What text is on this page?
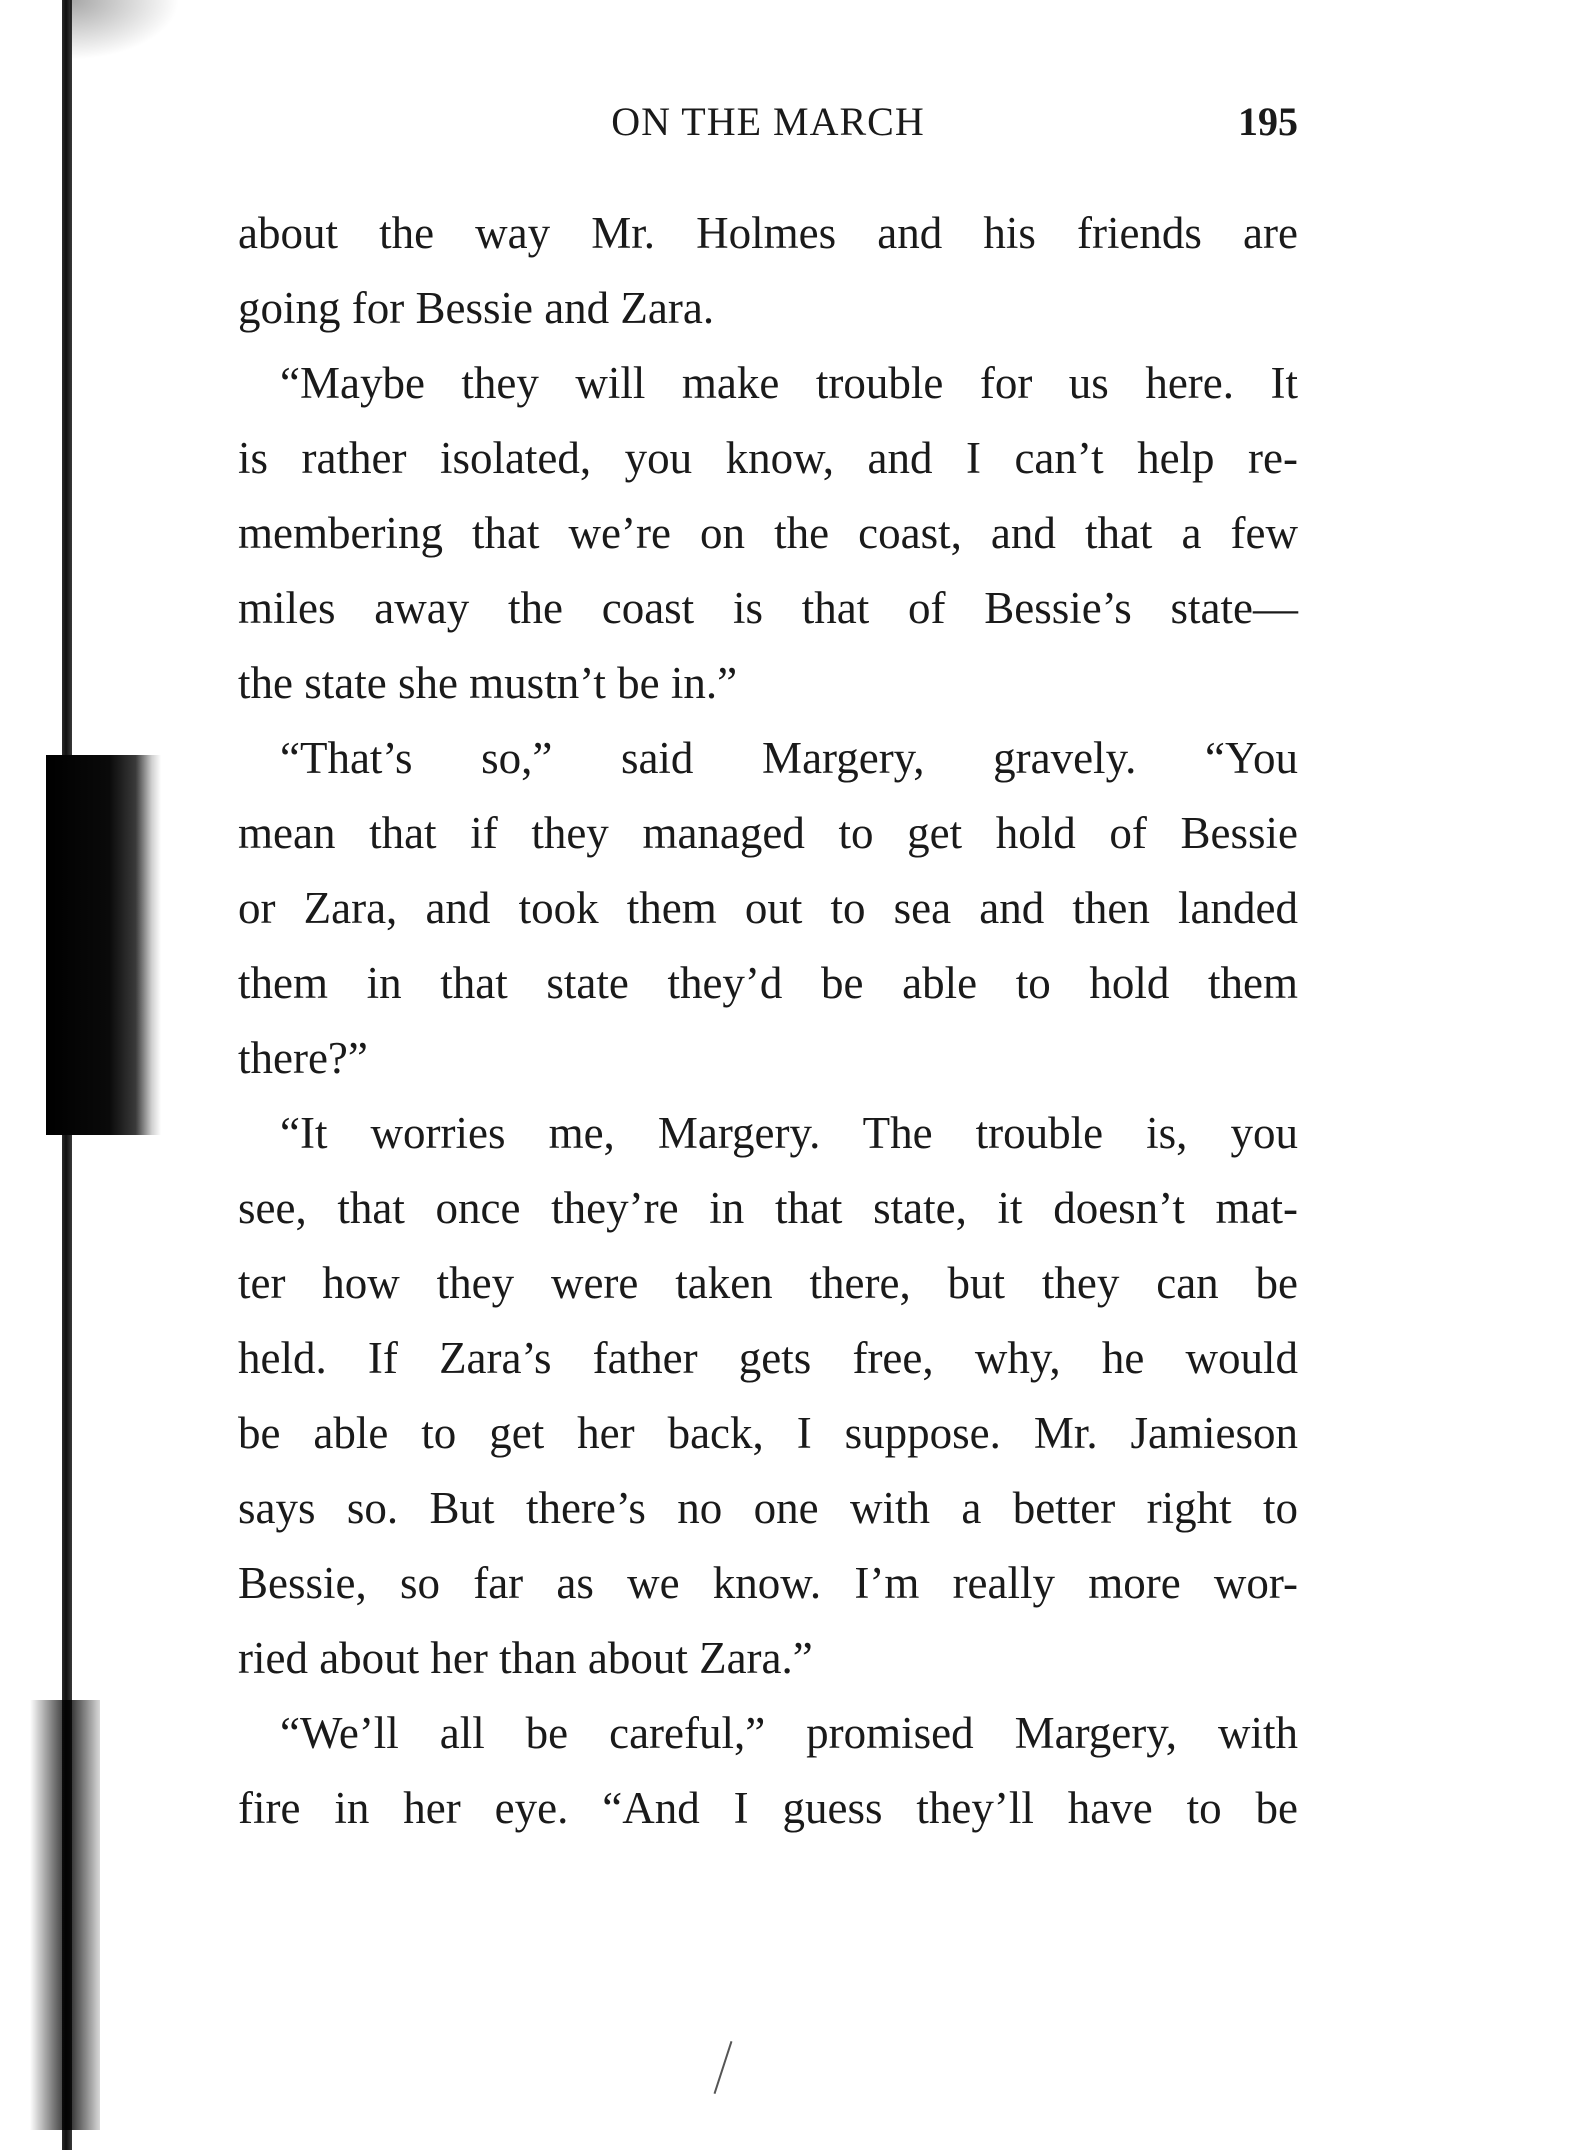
ON THE MARCH	195
about the way Mr. Holmes and his friends are
going for Bessie and Zara.
“Maybe they will make trouble for us here. It
is rather isolated, you know, and I can’t help re-
membering that we’re on the coast, and that a few
miles away the coast is that of Bessie’s state—
the state she mustn’t be in.”
“That’s so,” said Margery, gravely. “You
mean that if they managed to get hold of Bessie
or Zara, and took them out to sea and then landed
them in that state they’d be able to hold them
there?”
“It worries me, Margery. The trouble is, you
see, that once they’re in that state, it doesn’t mat-
ter how they were taken there, but they can be
held. If Zara’s father gets free, why, he would
be able to get her back, I suppose. Mr. Jamieson
says so. But there’s no one with a better right to
Bessie, so far as we know. I’m really more wor-
ried about her than about Zara.”
“We’ll all be careful,” promised Margery, with
fire in her eye. “And I guess they’ll have to be
